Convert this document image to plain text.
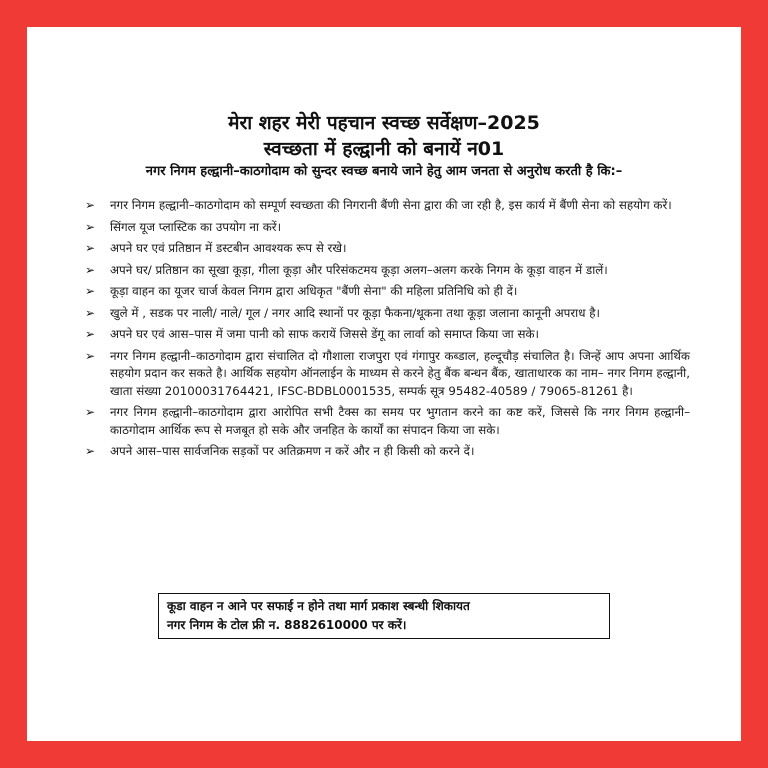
मेरा शहर मेरी पहचान स्वच्छ सर्वेक्षण–2025
स्वच्छता में हल्द्वानी को बनायें न01
नगर निगम हल्द्वानी–काठगोदाम को सुन्दर स्वच्छ बनाये जाने हेतु आम जनता से अनुरोध करती है कि:–
➢ नगर निगम हल्द्वानी–काठगोदाम को सम्पूर्ण स्वच्छता की निगरानी बैंणी सेना द्वारा की जा रही है, इस कार्य में बैंणी सेना को सहयोग करें।
➢ सिंगल यूज प्लास्टिक का उपयोग ना करें।
➢ अपने घर एवं प्रतिष्ठान में डस्टबीन आवश्यक रूप से रखे।
➢ अपने घर/ प्रतिष्ठान का सूखा कूड़ा, गीला कूड़ा और परिसंकटमय कूड़ा अलग–अलग करके निगम के कूड़ा वाहन में डालें।
➢ कूड़ा वाहन का यूजर चार्ज केवल निगम द्वारा अधिकृत "बैंणी सेना" की महिला प्रतिनिधि को ही दें।
➢ खुले में , सडक पर नाली/ नाले/ गूल / नगर आदि स्थानों पर कूड़ा फैकना/थूकना तथा कूड़ा जलाना कानूनी अपराध है।
➢ अपने घर एवं आस–पास में जमा पानी को साफ करायें जिससे डेंगू का लार्वा को समाप्त किया जा सके।
➢ नगर निगम हल्द्वानी–काठगोदाम द्वारा संचालित दो गौशाला राजपुरा एवं गंगापुर कब्डाल, हल्दूचौड़ संचालित है। जिन्हें आप अपना आर्थिक सहयोग प्रदान कर सकते है। आर्थिक सहयोग ऑनलाईन के माध्यम से करने हेतु बैंक बन्धन बैंक, खाताधारक का नाम– नगर निगम हल्द्वानी, खाता संख्या 20100031764421, IFSC-BDBL0001535, सम्पर्क सूत्र 95482-40589 / 79065-81261 है।
➢ नगर निगम हल्द्वानी–काठगोदाम द्वारा आरोपित सभी टैक्स का समय पर भुगतान करने का कष्ट करें, जिससे कि नगर निगम हल्द्वानी–काठगोदाम आर्थिक रूप से मजबूत हो सके और जनहित के कार्यों का संपादन किया जा सके।
➢ अपने आस–पास सार्वजनिक सड़कों पर अतिक्रमण न करें और न ही किसी को करने दें।
कूडा वाहन न आने पर सफाई न होने तथा मार्ग प्रकाश स्बन्धी शिकायत
नगर निगम के टोल फ्री न. 8882610000 पर करें।
